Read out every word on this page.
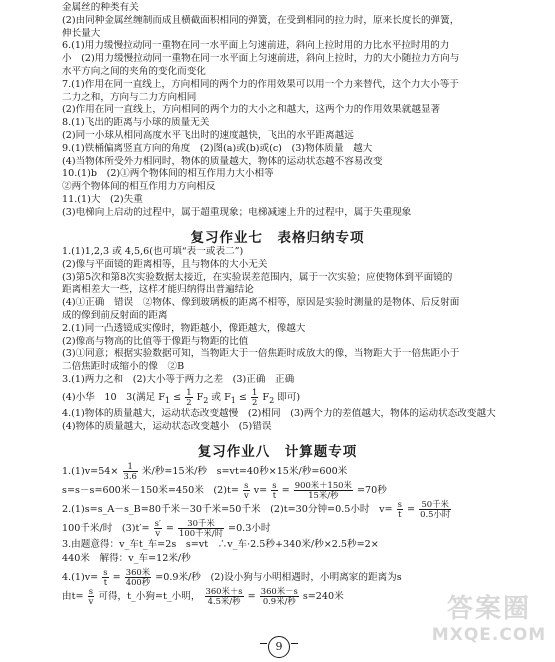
金属丝的种类有关
(2)由同种金属丝缠制而成且横截面积相同的弹簧，在受到相同的拉力时，原来长度长的弹簧，
伸长量大
6.(1)用力缓慢拉动同一重物在同一水平面上匀速前进，斜向上拉时用的力比水平拉时用的力
小　(2)用力缓慢拉动同一重物在同一水平面上匀速前进，斜向上拉时，力的大小随拉力方向与
水平方向之间的夹角的变化而变化
7.(1)作用在同一直线上，方向相同的两个力的作用效果可以用一个力来替代，这个力大小等于
二力之和，方向与二力方向相同
(2)作用在同一直线上，方向相同的两个力的大小之和越大，这两个力的作用效果就越显著
8.(1)飞出的距离与小球的质量无关
(2)同一小球从相同高度水平飞出时的速度越快，飞出的水平距离越远
9.(1)铁桶偏离竖直方向的角度　(2)图(a)或(b)或(c)　(3)物体质量　越大
(4)当物体所受外力相同时，物体的质量越大，物体的运动状态越不容易改变
10.(1)b　(2)①两个物体间的相互作用力大小相等
②两个物体间的相互作用力方向相反
11.(1)大　(2)失重
(3)电梯向上启动的过程中，属于超重现象；电梯减速上升的过程中，属于失重现象
复习作业七　表格归纳专项
1.(1)1,2,3 或 4,5,6(也可填“表一或表二”)
(2)像与平面镜的距离相等，且与物体的大小无关
(3)第5次和第8次实验数据太接近，在实验误差范围内，属于一次实验；应使物体到平面镜的
距离相差大一些，这样才能归纳得出普遍结论
(4)①正确　错误　②物体、像到玻璃板的距离不相等，原因是实验时测量的是物体、后反射面
成的像到前反射面的距离
2.(1)同一凸透镜成实像时，物距越小，像距越大，像越大
(2)像高与物高的比值等于像距与物距的比值
(3)①同意；根据实验数据可知，当物距大于一倍焦距时成放大的像，当物距大于一倍焦距小于
二倍焦距时成缩小的像　②B
3.(1)两力之和　(2)大小等于两力之差　(3)正确　正确
(4)小华　10　3(满足 $F_1 \le \frac{1}{2} F_2$ 或 $F_1 \le \frac{1}{2} F_2$ 即可)
4.(1)物体的质量越大，运动状态改变越慢　(2)相同　(3)两个力的差值越大，物体的运动状态改变越大
(4)物体的质量越大，运动状态改变越小　(5)错误
复习作业八　计算题专项
$1.(1)v=54\times \frac{1}{3.6}$ 米/秒=15米/秒　s=vt=40秒×15米/秒=600米
s=s－s=600米－150米=450米　$(2)t= \frac{s}{v} v= \frac{s}{t} = \frac{\text{900米＋150米}}{\text{15米/秒}} =70$秒
2.(1)s=s_A－s_B=80千米－30千米=50千米　(2)t=30分钟=0.5小时　$v= \frac{s}{t} = \frac{\text{50千米}}{\text{0.5小时}}$
100千米/时　$(3)t'= \frac{s'}{v} = \frac{\text{30千米}}{\text{100千米/时}} =0.3$小时
3.由题意得：v_车t_车=2s　s=vt　∴v_车·2.5秒+340米/秒×2.5秒=2×
440米　解得：v_车=12米/秒
$4.(1)v= \frac{s}{t} = \frac{\text{360米}}{\text{400秒}} =0.9$米/秒　(2)设小狗与小明相遇时，小明离家的距离为s
由$t= \frac{s}{v}$ 可得，t_小狗=t_小明， $\frac{\text{360米＋s}}{\text{4.5米/秒}} = \frac{\text{360米－s}}{\text{0.9米/秒}} s=240$米
9
答案圈
MXQE.COM
